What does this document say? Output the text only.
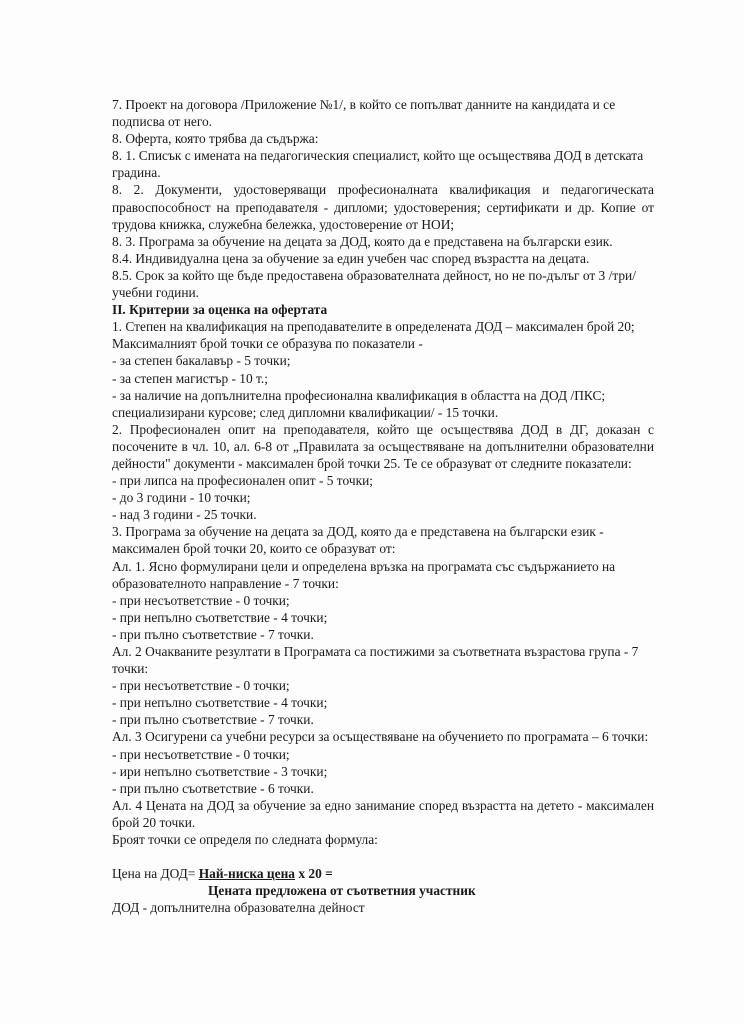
7. Проект на договора /Приложение №1/, в който се попълват данните на кандидата и се подписва от него.

8. Оферта, която трябва да съдържа:

8. 1. Списък с имената на педагогическия специалист, който ще осъществява ДОД в детската градина.

8. 2. Документи, удостоверяващи професионалната квалификация и педагогическата правоспособност на преподавателя - дипломи; удостоверения; сертификати и др. Копие от трудова книжка, служебна бележка, удостоверение от НОИ;

8. 3. Програма за обучение на децата за ДОД, която да е представена на български език.

8.4. Индивидуална цена за обучение за един учебен час според възрастта на децата.

8.5. Срок за който ще бъде предоставена образователната дейност, но не по-дълъг от 3 /три/ учебни години.

II. Критерии за оценка на офертата

1. Степен на квалификация на преподавателите в определената ДОД – максимален брой 20; Максималният брой точки се образува по показатели -

- за степен бакалавър - 5 точки;

- за степен магистър - 10 т.;

- за наличие на допълнителна професионална квалификация в областта на ДОД /ПКС; специализирани курсове; след дипломни квалификации/ - 15 точки.

2. Професионален опит на преподавателя, който ще осъществява ДОД в ДГ, доказан с посочените в чл. 10, ал. 6-8 от „Правилата за осъществяване на допълнителни образователни дейности" документи - максимален брой точки 25. Те се образуват от следните показатели:

- при липса на професионален опит - 5 точки;

- до 3 години - 10 точки;

- над 3 години - 25 точки.

3. Програма за обучение на децата за ДОД, която да е представена на български език - максимален брой точки 20, които се образуват от:

Ал. 1. Ясно формулирани цели и определена връзка на програмата със съдържанието на образователното направление - 7 точки:

- при несъответствие - 0 точки;

- при непълно съответствие - 4 точки;

- при пълно съответствие - 7 точки.

Ал. 2 Очакваните резултати в Програмата са постижими за съответната възрастова група - 7 точки:

- при несъответствие - 0 точки;

- при непълно съответствие - 4 точки;

- при пълно съответствие - 7 точки.

Ал. 3 Осигурени са учебни ресурси за осъществяване на обучението по програмата – 6 точки:

- при несъответствие - 0 точки;

- ири непълно съответствие - 3 точки;

- при пълно съответствие - 6 точки.

Ал. 4 Цената на ДОД за обучение за едно занимание според възрастта на детето - максимален брой 20 точки.

Броят точки се определя по следната формула:

Цена на ДОД= Най-ниска цена х 20 =

Цената предложена от съответния участник

ДОД - допълнителна образователна дейност
